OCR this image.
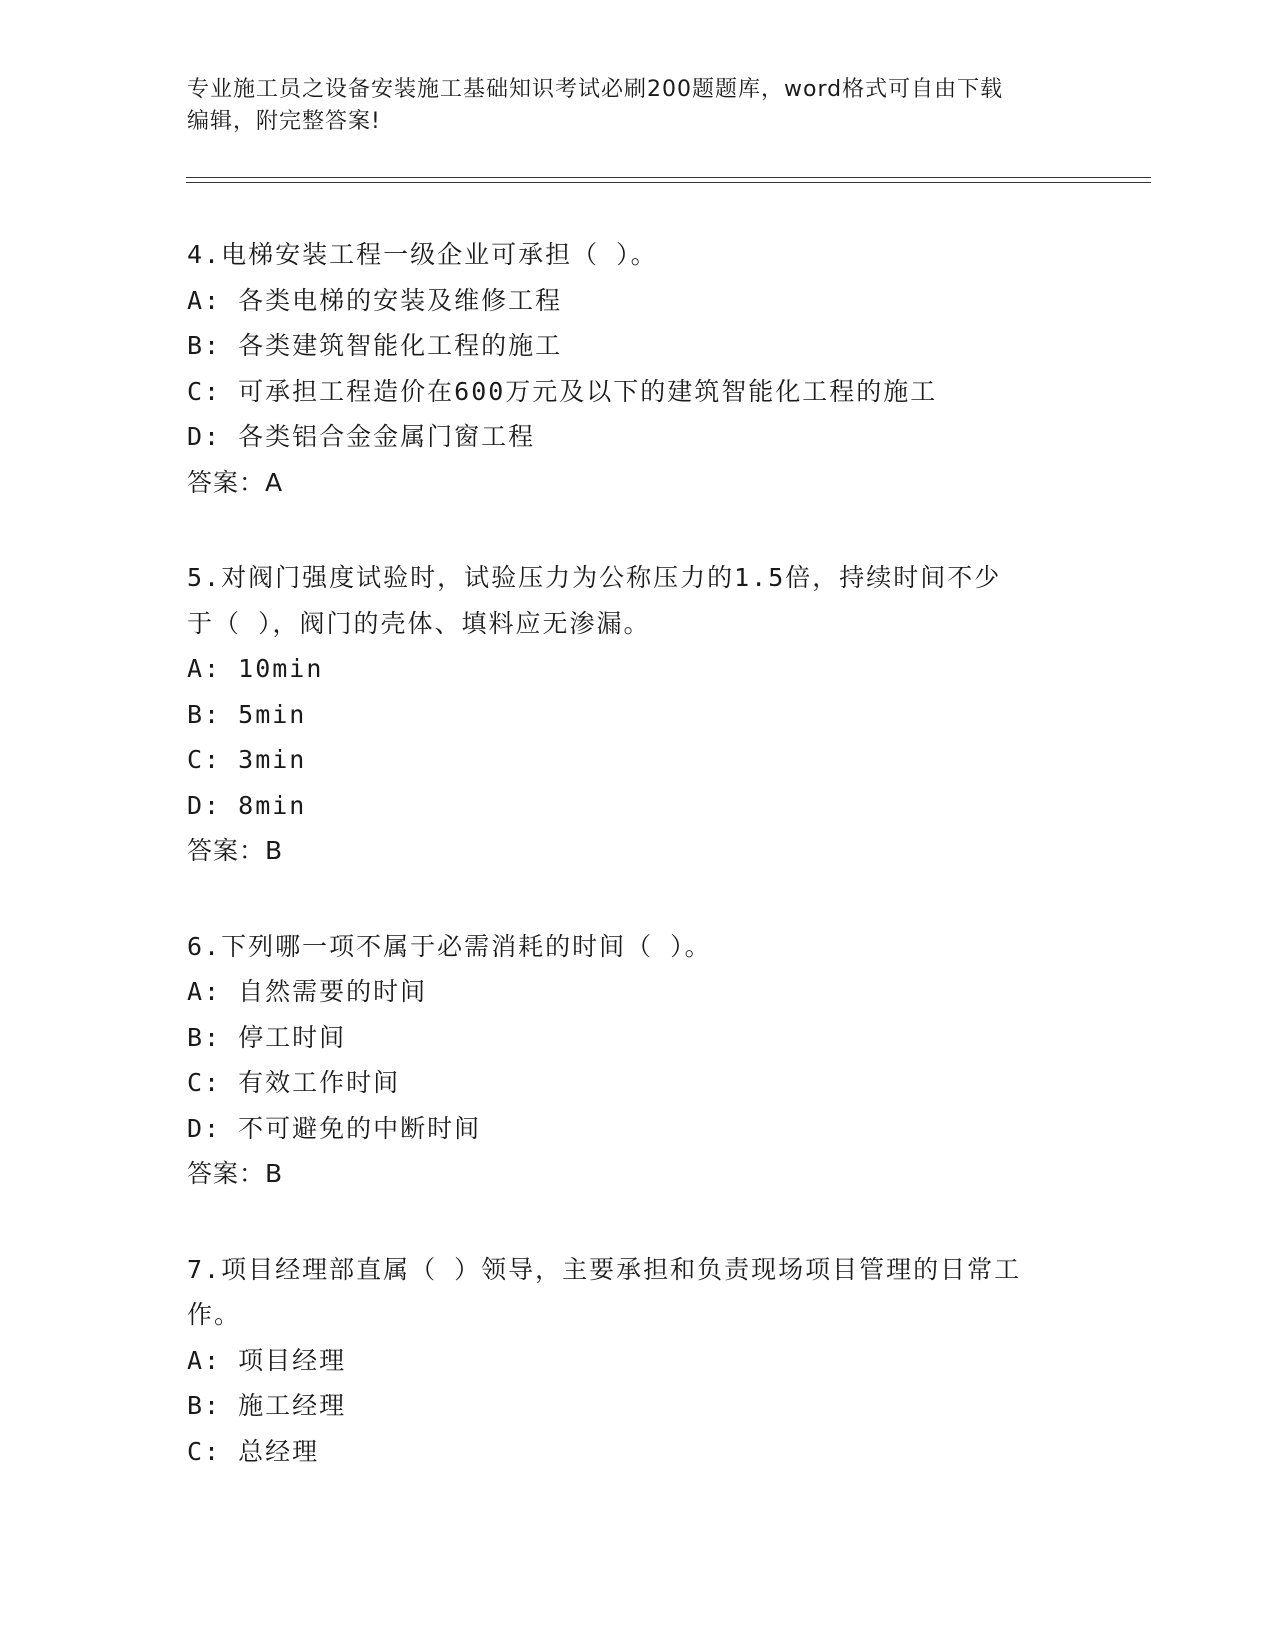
专业施工员之设备安装施工基础知识考试必刷200题题库，word格式可自由下载
编辑，附完整答案!
4.电梯安装工程一级企业可承担（ ）。
A: 各类电梯的安装及维修工程
B: 各类建筑智能化工程的施工
C: 可承担工程造价在600万元及以下的建筑智能化工程的施工
D: 各类铝合金金属门窗工程
答案：A
5.对阀门强度试验时，试验压力为公称压力的1.5倍，持续时间不少
于（ ），阀门的壳体、填料应无渗漏。
A: 10min
B: 5min
C: 3min
D: 8min
答案：B
6.下列哪一项不属于必需消耗的时间（ ）。
A: 自然需要的时间
B: 停工时间
C: 有效工作时间
D: 不可避免的中断时间
答案：B
7.项目经理部直属（ ）领导，主要承担和负责现场项目管理的日常工
作。
A: 项目经理
B: 施工经理
C: 总经理
